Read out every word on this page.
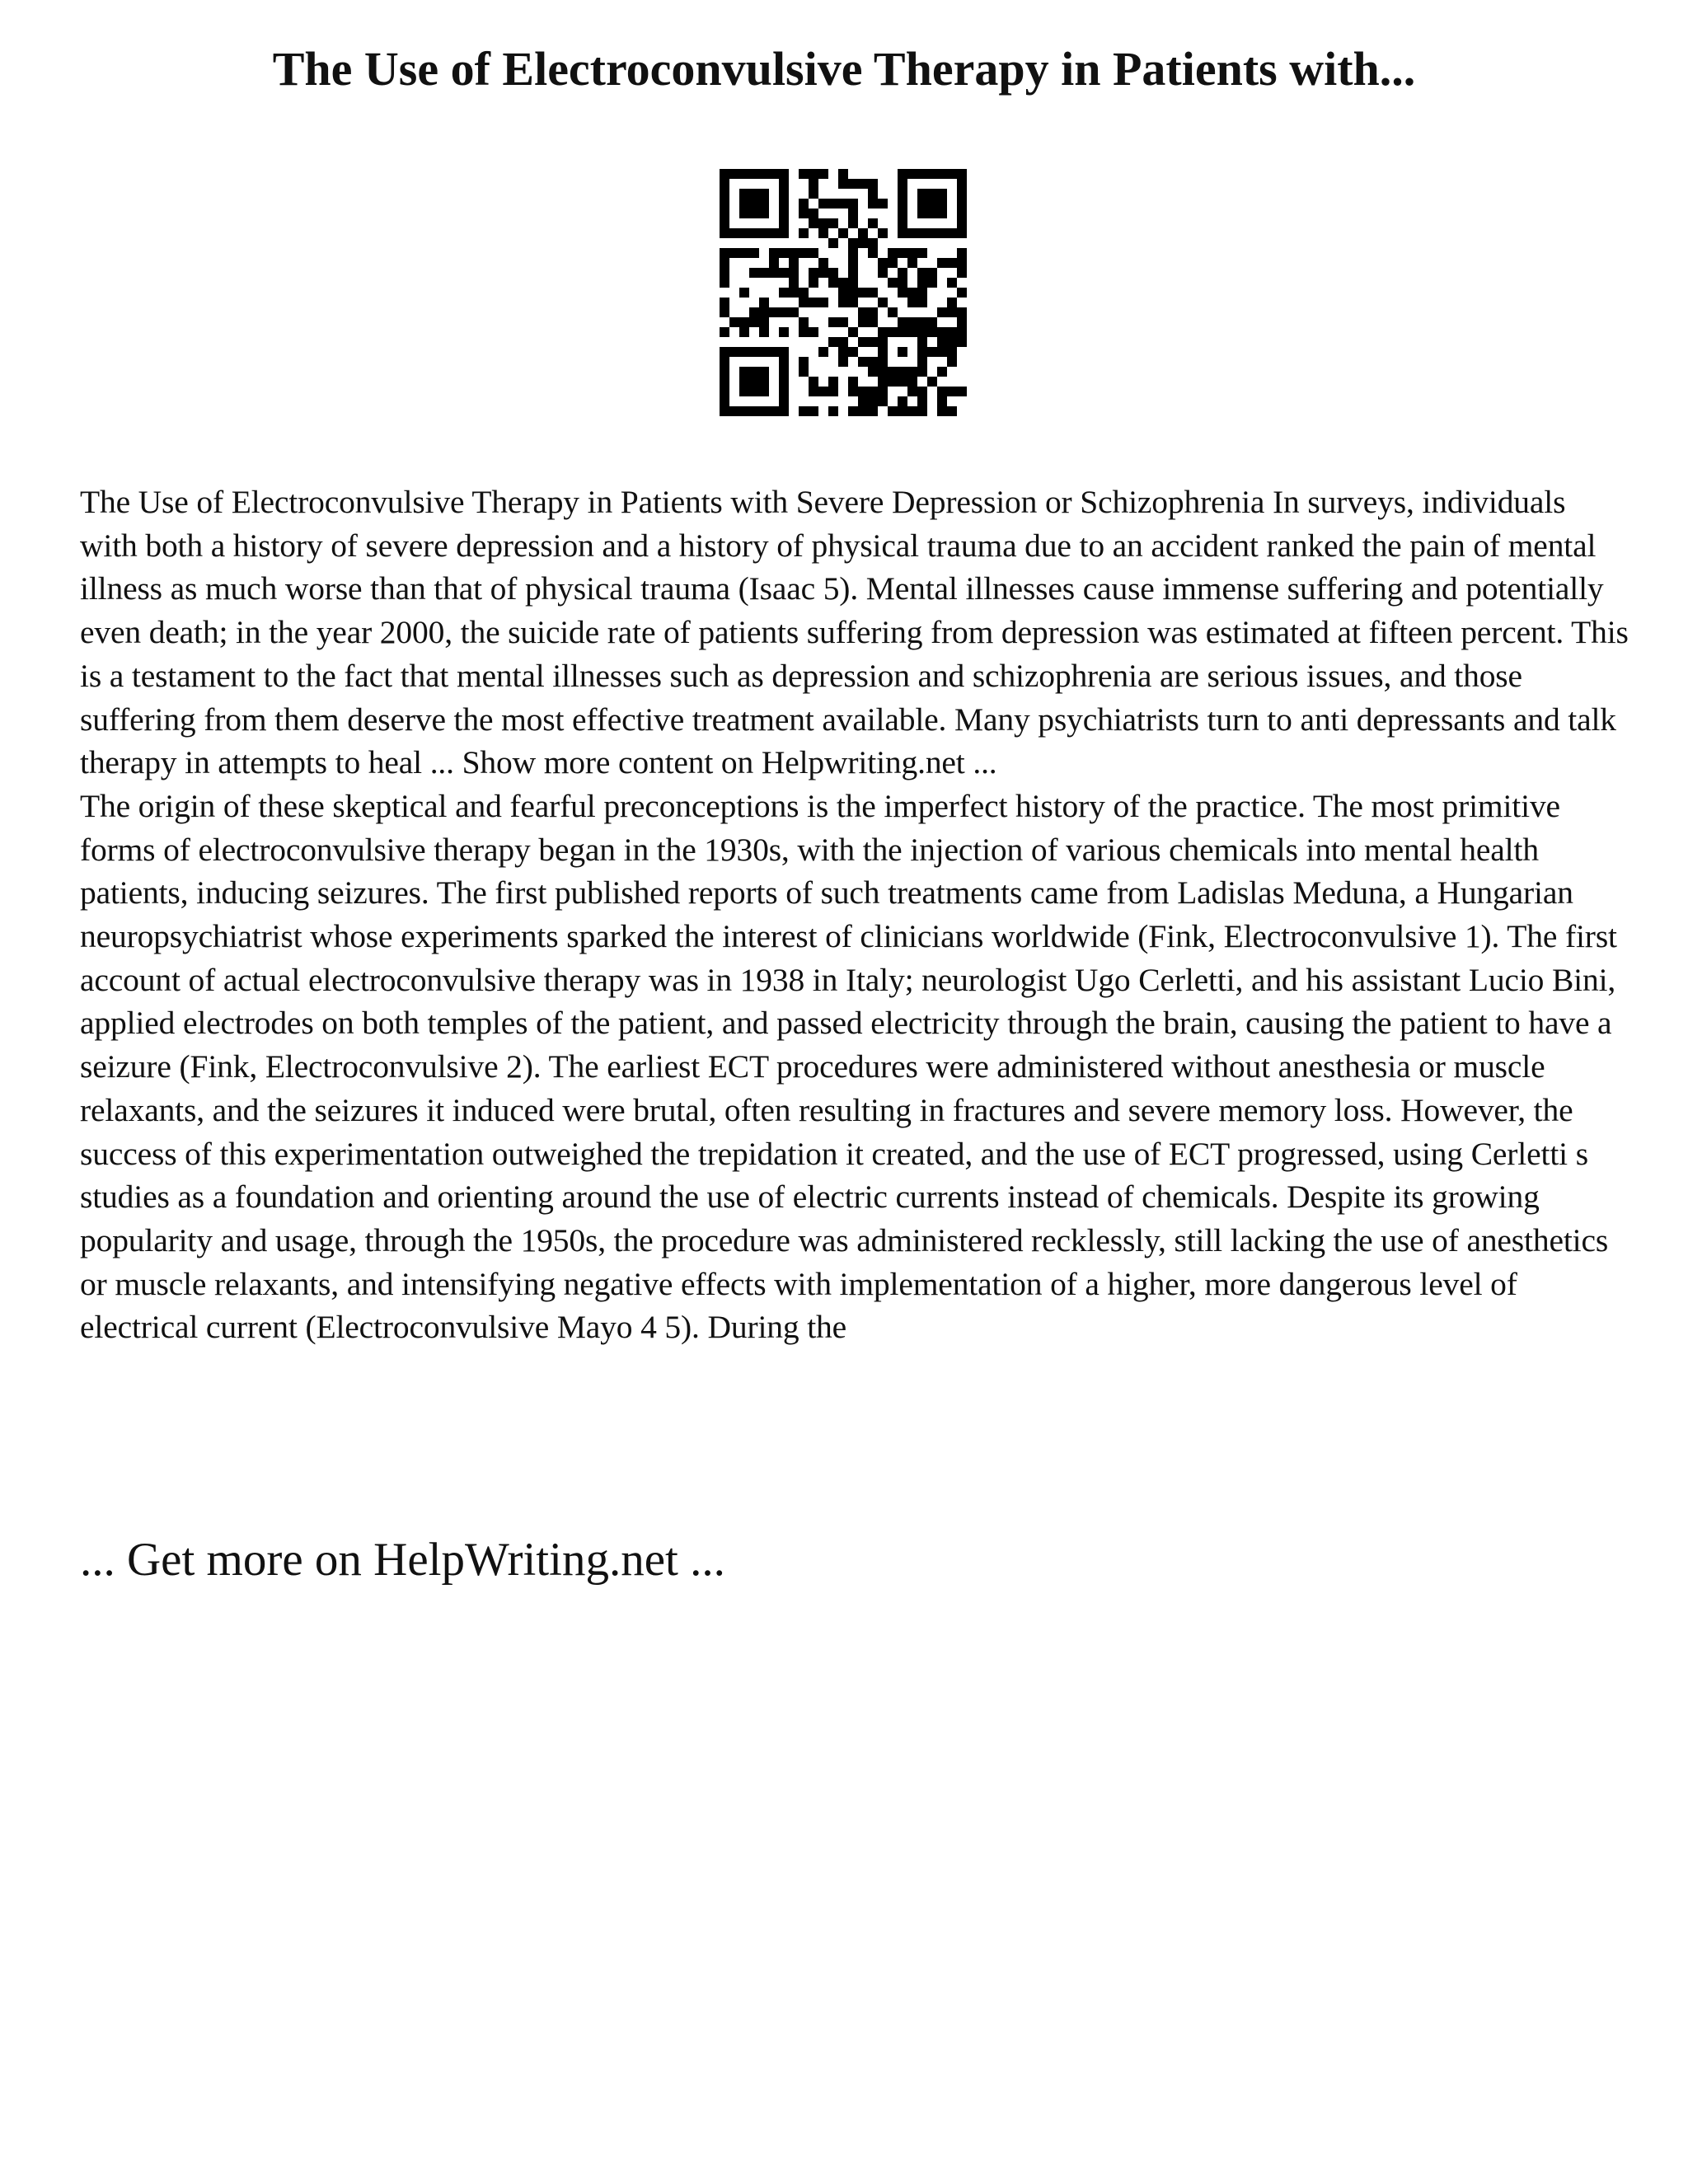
The Use of Electroconvulsive Therapy in Patients with...

The Use of Electroconvulsive Therapy in Patients with Severe Depression or Schizophrenia In surveys, individuals with both a history of severe depression and a history of physical trauma due to an accident ranked the pain of mental illness as much worse than that of physical trauma (Isaac 5). Mental illnesses cause immense suffering and potentially even death; in the year 2000, the suicide rate of patients suffering from depression was estimated at fifteen percent. This is a testament to the fact that mental illnesses such as depression and schizophrenia are serious issues, and those suffering from them deserve the most effective treatment available. Many psychiatrists turn to anti depressants and talk therapy in attempts to heal ... Show more content on Helpwriting.net ...

The origin of these skeptical and fearful preconceptions is the imperfect history of the practice. The most primitive forms of electroconvulsive therapy began in the 1930s, with the injection of various chemicals into mental health patients, inducing seizures. The first published reports of such treatments came from Ladislas Meduna, a Hungarian neuropsychiatrist whose experiments sparked the interest of clinicians worldwide (Fink, Electroconvulsive 1). The first account of actual electroconvulsive therapy was in 1938 in Italy; neurologist Ugo Cerletti, and his assistant Lucio Bini, applied electrodes on both temples of the patient, and passed electricity through the brain, causing the patient to have a seizure (Fink, Electroconvulsive 2). The earliest ECT procedures were administered without anesthesia or muscle relaxants, and the seizures it induced were brutal, often resulting in fractures and severe memory loss. However, the success of this experimentation outweighed the trepidation it created, and the use of ECT progressed, using Cerletti s studies as a foundation and orienting around the use of electric currents instead of chemicals. Despite its growing popularity and usage, through the 1950s, the procedure was administered recklessly, still lacking the use of anesthetics or muscle relaxants, and intensifying negative effects with implementation of a higher, more dangerous level of electrical current (Electroconvulsive Mayo 4 5). During the

... Get more on HelpWriting.net ...
